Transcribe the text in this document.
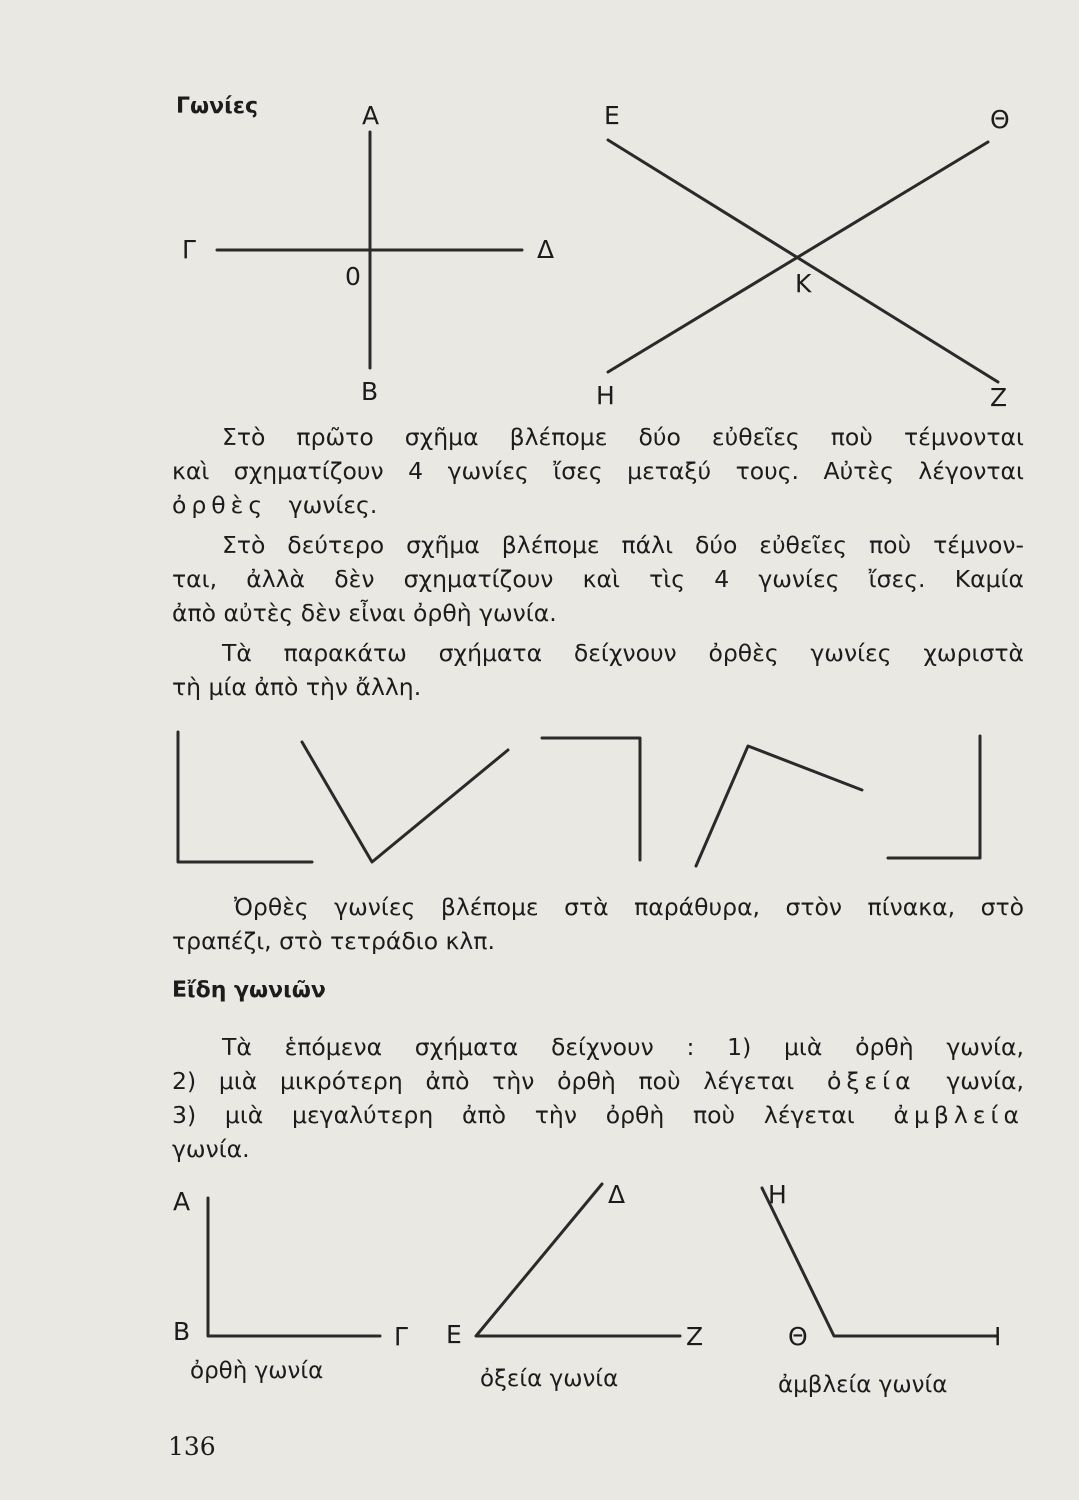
Α
Γ	Δ
0
Β
Ε	Θ
Κ
Η	Ζ
Α
Β	Γ
Δ
Ε	Ζ
Η
Θ	Ι
Γωνίες
Στὸ πρῶτο σχῆμα βλέπομε δύο εὐθεῖες ποὺ τέμνονται
καὶ σχηματίζουν 4 γωνίες ἴσες μεταξύ τους. Αὐτὲς λέγονται
ὀρθὲς γωνίες.
Στὸ δεύτερο σχῆμα βλέπομε πάλι δύο εὐθεῖες ποὺ τέμνον-
ται, ἀλλὰ δὲν σχηματίζουν καὶ τὶς 4 γωνίες ἴσες. Καμία
ἀπὸ αὐτὲς δὲν εἶναι ὀρθὴ γωνία.
Τὰ παρακάτω σχήματα δείχνουν ὀρθὲς γωνίες χωριστὰ
τὴ μία ἀπὸ τὴν ἄλλη.
Ὀρθὲς γωνίες βλέπομε στὰ παράθυρα, στὸν πίνακα, στὸ
τραπέζι, στὸ τετράδιο κλπ.
Εἴδη γωνιῶν
Τὰ ἑπόμενα σχήματα δείχνουν : 1) μιὰ ὀρθὴ γωνία,
2) μιὰ μικρότερη ἀπὸ τὴν ὀρθὴ ποὺ λέγεται ὀξεία γωνία,
3) μιὰ μεγαλύτερη ἀπὸ τὴν ὀρθὴ ποὺ λέγεται ἀμβλεία
γωνία.
ὀρθὴ γωνία	ὀξεία γωνία	ἀμβλεία γωνία
136
